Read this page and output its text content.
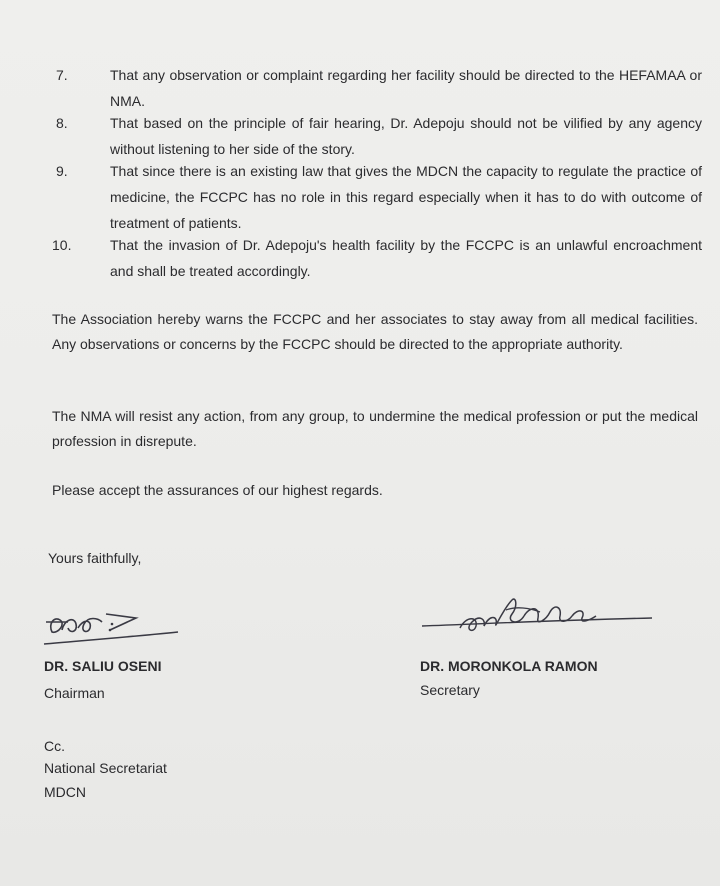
7.	That any observation or complaint regarding her facility should be directed to the HEFAMAA or NMA.
8.	That based on the principle of fair hearing, Dr. Adepoju should not be vilified by any agency without listening to her side of the story.
9.	That since there is an existing law that gives the MDCN the capacity to regulate the practice of medicine, the FCCPC has no role in this regard especially when it has to do with outcome of treatment of patients.
10.	That the invasion of Dr. Adepoju's health facility by the FCCPC is an unlawful encroachment and shall be treated accordingly.
The Association hereby warns the FCCPC and her associates to stay away from all medical facilities. Any observations or concerns by the FCCPC should be directed to the appropriate authority.
The NMA will resist any action, from any group, to undermine the medical profession or put the medical profession in disrepute.
Please accept the assurances of our highest regards.
Yours faithfully,
DR. SALIU OSENI
Chairman
DR. MORONKOLA RAMON
Secretary
Cc.
National Secretariat
MDCN
